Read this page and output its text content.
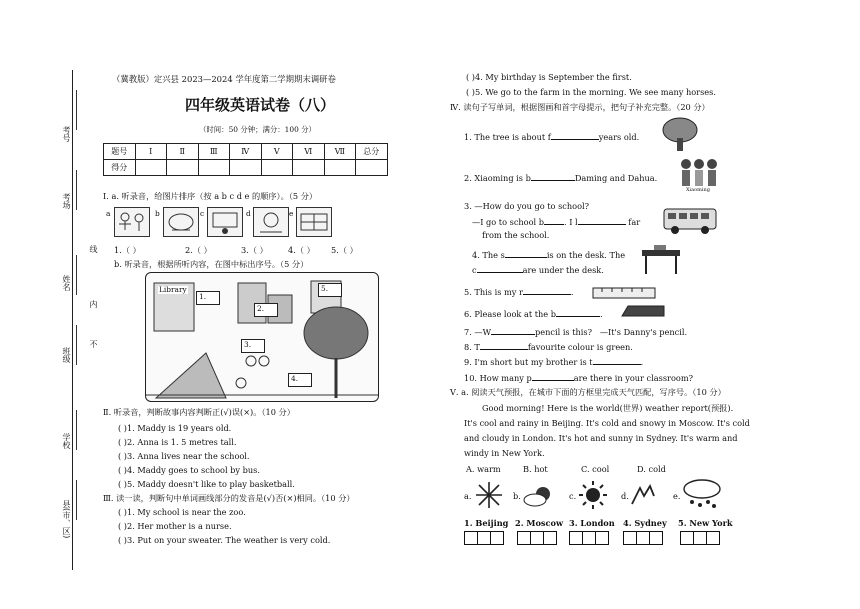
考号
考场
姓名
班级
学校
县(市、区)
线
内
不
（冀教版）定兴县 2023—2024 学年度第二学期期末调研卷
四年级英语试卷（八）
（时间：50 分钟；满分：100 分）
题号	Ⅰ	Ⅱ	Ⅲ	Ⅳ	Ⅴ	Ⅵ	Ⅶ	总分
得分								
Ⅰ. a. 听录音，给图片排序（按 a b c d e 的顺序）。（5 分）
a	b	c	d	e
1.（ ）	2.（ ）	3.（ ） 4.（ ） 5.（ ）
b. 听录音，根据所听内容，在图中标出序号。（5 分）
Library
1.
2.
3.
4.
5.
Ⅱ. 听录音，判断故事内容判断正(√)误(×)。（10 分）
( )1. Maddy is 19 years old.
( )2. Anna is 1. 5 metres tall.
( )3. Anna lives near the school.
( )4. Maddy goes to school by bus.
( )5. Maddy doesn't like to play basketball.
Ⅲ. 读一读，判断句中单词画线部分的发音是(√)否(×)相同。（10 分）
( )1. My school is near the zoo.
( )2. Her mother is a nurse.
( )3. Put on your sweater. The weather is very cold.
( )4. My birthday is September the first.
( )5. We go to the farm in the morning. We see many horses.
Ⅳ. 读句子写单词，根据图画和首字母提示，把句子补充完整。（20 分）
1. The tree is about f	years old.
2. Xiaoming is b	Daming and Dahua.
Xiaoming
3. —How do you go to school?
—I go to school b . I l	far
from the school.
4. The s	is on the desk. The
c	are under the desk.
5. This is my r	.
6. Please look at the b	.
7. —W	pencil is this? —It's Danny's pencil.
8. T	favourite colour is green.
9. I'm short but my brother is t	.
10. How many p	are there in your classroom?
Ⅴ. a. 阅读天气预报，在城市下面的方框里完成天气匹配，写序号。（10 分）
Good morning! Here is the world(世界) weather report(预报).
It's cool and rainy in Beijing. It's cold and snowy in Moscow. It's cold
and cloudy in London. It's hot and sunny in Sydney. It's warm and
windy in New York.
A. warm	B. hot	C. cool	D. cold
a.	b.	c.	d.	e.
1. Beijing 2. Moscow 3. London 4. Sydney 5. New York
